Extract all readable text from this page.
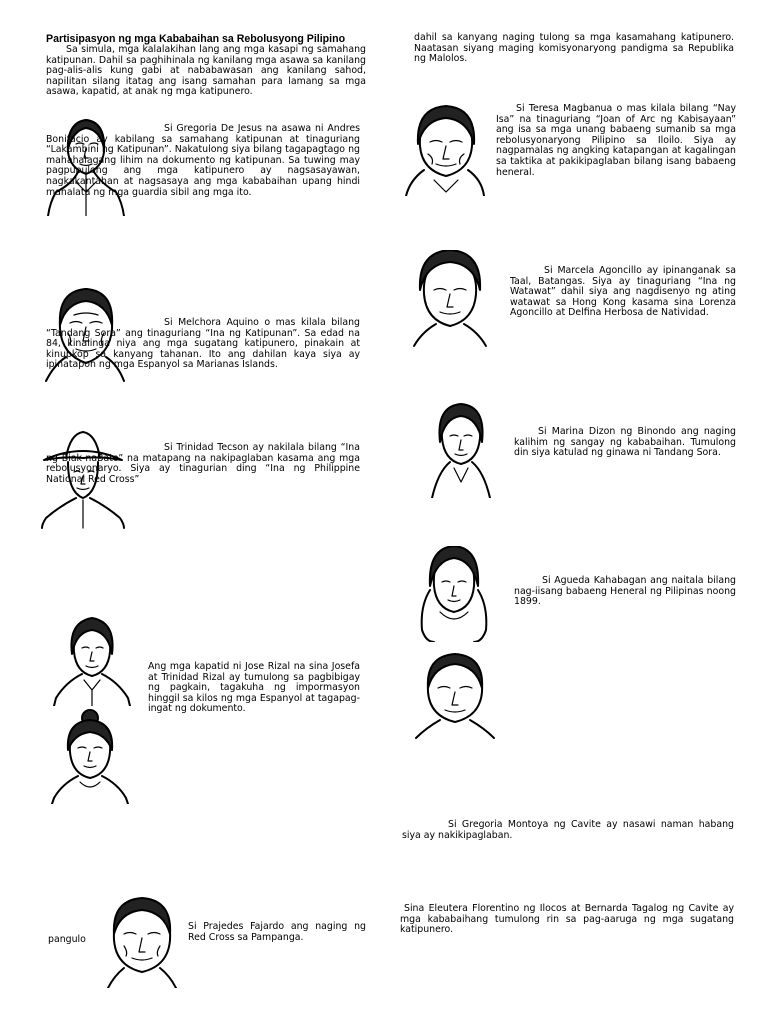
Partisipasyon ng mga Kababaihan sa Rebolusyong Pilipino

Sa simula, mga kalalakihan lang ang mga kasapi ng samahang katipunan. Dahil sa paghihinala ng kanilang mga asawa sa kanilang pag-alis-alis kung gabi at nababawasan ang kanilang sahod, napilitan silang itatag ang isang samahan para lamang sa mga asawa, kapatid, at anak ng mga katipunero.

Si Gregoria De Jesus na asawa ni Andres Bonifacio ay kabilang sa samahang katipunan at tinaguriang “Lakambini ng Katipunan”. Nakatulong siya bilang tagapagtago ng mahahalagang lihim na dokumento ng katipunan. Sa tuwing may pagpupulong ang mga katipunero ay nagsasayawan, nagkakantahan at nagsasaya ang mga kababaihan upang hindi mahalata ng mga guardia sibil ang mga ito.

Si Melchora Aquino o mas kilala bilang “Tandang Sora” ang tinaguriang “Ina ng Katipunan”. Sa edad na 84, kinalinga niya ang mga sugatang katipunero, pinakain at kinupkop sa kanyang tahanan. Ito ang dahilan kaya siya ay ipinatapon ng mga Espanyol sa Marianas Islands.

Si Trinidad Tecson ay nakilala bilang “Ina ng Biak-naBato” na matapang na nakipaglaban kasama ang mga rebolusyonaryo. Siya ay tinagurian ding “Ina ng Philippine National Red Cross”

Ang mga kapatid ni Jose Rizal na sina Josefa at Trinidad Rizal ay tumulong sa pagbibigay ng pagkain, tagakuha ng impormasyon hinggil sa kilos ng mga Espanyol at tagapag-ingat ng dokumento.

Si Prajedes Fajardo ang naging ng Red Cross sa Pampanga.

pangulo

dahil sa kanyang naging tulong sa mga kasamahang katipunero. Naatasan siyang maging komisyonaryong pandigma sa Republika ng Malolos.

Si Teresa Magbanua o mas kilala bilang “Nay Isa” na tinaguriang “Joan of Arc ng Kabisayaan” ang isa sa mga unang babaeng sumanib sa mga rebolusyonaryong Pilipino sa Iloilo. Siya ay nagpamalas ng angking katapangan at kagalingan sa taktika at pakikipaglaban bilang isang babaeng heneral.

Si Marcela Agoncillo ay ipinanganak sa Taal, Batangas. Siya ay tinaguriang “Ina ng Watawat” dahil siya ang nagdisenyo ng ating watawat sa Hong Kong kasama sina Lorenza Agoncillo at Delfina Herbosa de Natividad.

Si Marina Dizon ng Binondo ang naging kalihim ng sangay ng kababaihan. Tumulong din siya katulad ng ginawa ni Tandang Sora.

Si Agueda Kahabagan ang naitala bilang nag-iisang babaeng Heneral ng Pilipinas noong 1899.

Si Gregoria Montoya ng Cavite ay nasawi naman habang siya ay nakikipaglaban.

Sina Eleutera Florentino ng Ilocos at Bernarda Tagalog ng Cavite ay mga kababaihang tumulong rin sa pag-aaruga ng mga sugatang katipunero.
